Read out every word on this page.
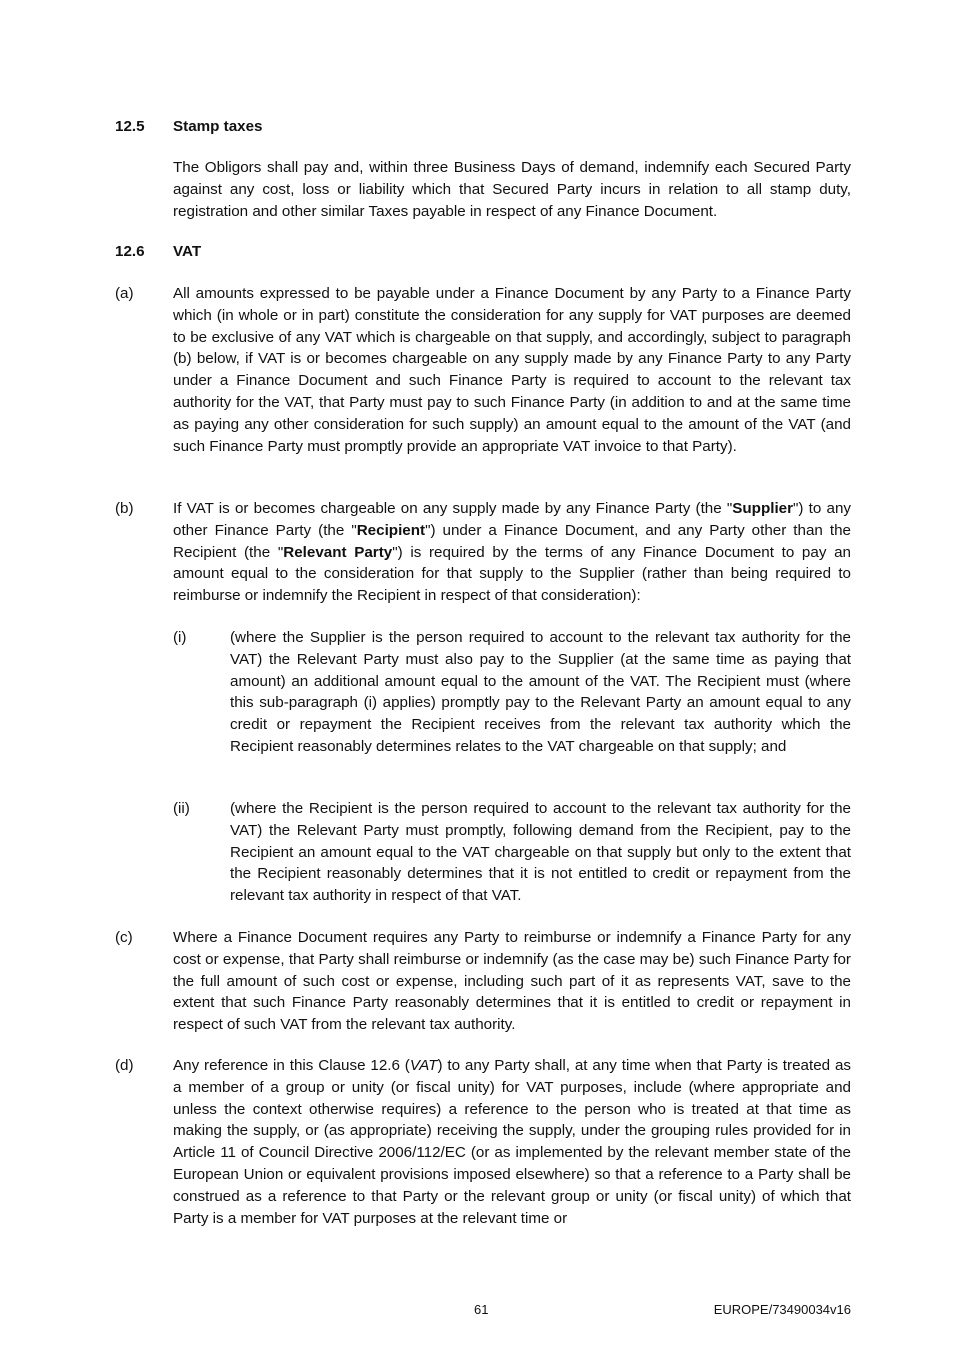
12.5 Stamp taxes
The Obligors shall pay and, within three Business Days of demand, indemnify each Secured Party against any cost, loss or liability which that Secured Party incurs in relation to all stamp duty, registration and other similar Taxes payable in respect of any Finance Document.
12.6 VAT
(a)	All amounts expressed to be payable under a Finance Document by any Party to a Finance Party which (in whole or in part) constitute the consideration for any supply for VAT purposes are deemed to be exclusive of any VAT which is chargeable on that supply, and accordingly, subject to paragraph (b) below, if VAT is or becomes chargeable on any supply made by any Finance Party to any Party under a Finance Document and such Finance Party is required to account to the relevant tax authority for the VAT, that Party must pay to such Finance Party (in addition to and at the same time as paying any other consideration for such supply) an amount equal to the amount of the VAT (and such Finance Party must promptly provide an appropriate VAT invoice to that Party).
(b)	If VAT is or becomes chargeable on any supply made by any Finance Party (the "Supplier") to any other Finance Party (the "Recipient") under a Finance Document, and any Party other than the Recipient (the "Relevant Party") is required by the terms of any Finance Document to pay an amount equal to the consideration for that supply to the Supplier (rather than being required to reimburse or indemnify the Recipient in respect of that consideration):
(i)	(where the Supplier is the person required to account to the relevant tax authority for the VAT) the Relevant Party must also pay to the Supplier (at the same time as paying that amount) an additional amount equal to the amount of the VAT. The Recipient must (where this sub-paragraph (i) applies) promptly pay to the Relevant Party an amount equal to any credit or repayment the Recipient receives from the relevant tax authority which the Recipient reasonably determines relates to the VAT chargeable on that supply; and
(ii)	(where the Recipient is the person required to account to the relevant tax authority for the VAT) the Relevant Party must promptly, following demand from the Recipient, pay to the Recipient an amount equal to the VAT chargeable on that supply but only to the extent that the Recipient reasonably determines that it is not entitled to credit or repayment from the relevant tax authority in respect of that VAT.
(c)	Where a Finance Document requires any Party to reimburse or indemnify a Finance Party for any cost or expense, that Party shall reimburse or indemnify (as the case may be) such Finance Party for the full amount of such cost or expense, including such part of it as represents VAT, save to the extent that such Finance Party reasonably determines that it is entitled to credit or repayment in respect of such VAT from the relevant tax authority.
(d)	Any reference in this Clause 12.6 (VAT) to any Party shall, at any time when that Party is treated as a member of a group or unity (or fiscal unity) for VAT purposes, include (where appropriate and unless the context otherwise requires) a reference to the person who is treated at that time as making the supply, or (as appropriate) receiving the supply, under the grouping rules provided for in Article 11 of Council Directive 2006/112/EC (or as implemented by the relevant member state of the European Union or equivalent provisions imposed elsewhere) so that a reference to a Party shall be construed as a reference to that Party or the relevant group or unity (or fiscal unity) of which that Party is a member for VAT purposes at the relevant time or
61	EUROPE/73490034v16
